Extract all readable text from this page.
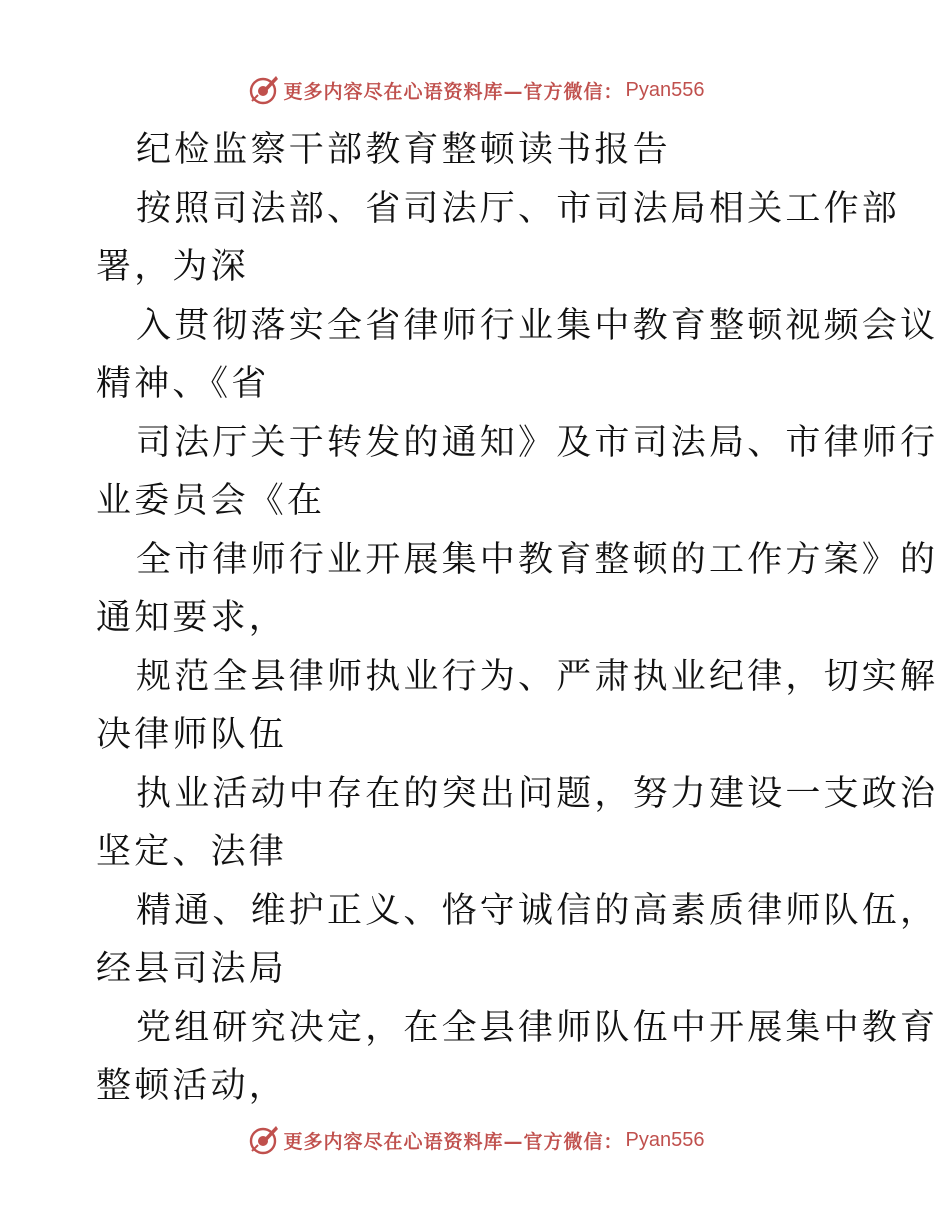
更多内容尽在心语资料库—官方微信： Pyan556
纪检监察干部教育整顿读书报告
按照司法部、省司法厅、市司法局相关工作部
署，为深
入贯彻落实全省律师行业集中教育整顿视频会议
精神、《省
司法厅关于转发的通知》及市司法局、市律师行
业委员会《在
全市律师行业开展集中教育整顿的工作方案》的
通知要求，
规范全县律师执业行为、严肃执业纪律，切实解
决律师队伍
执业活动中存在的突出问题，努力建设一支政治
坚定、法律
精通、维护正义、恪守诚信的高素质律师队伍，
经县司法局
党组研究决定，在全县律师队伍中开展集中教育
整顿活动，
更多内容尽在心语资料库—官方微信： Pyan556
